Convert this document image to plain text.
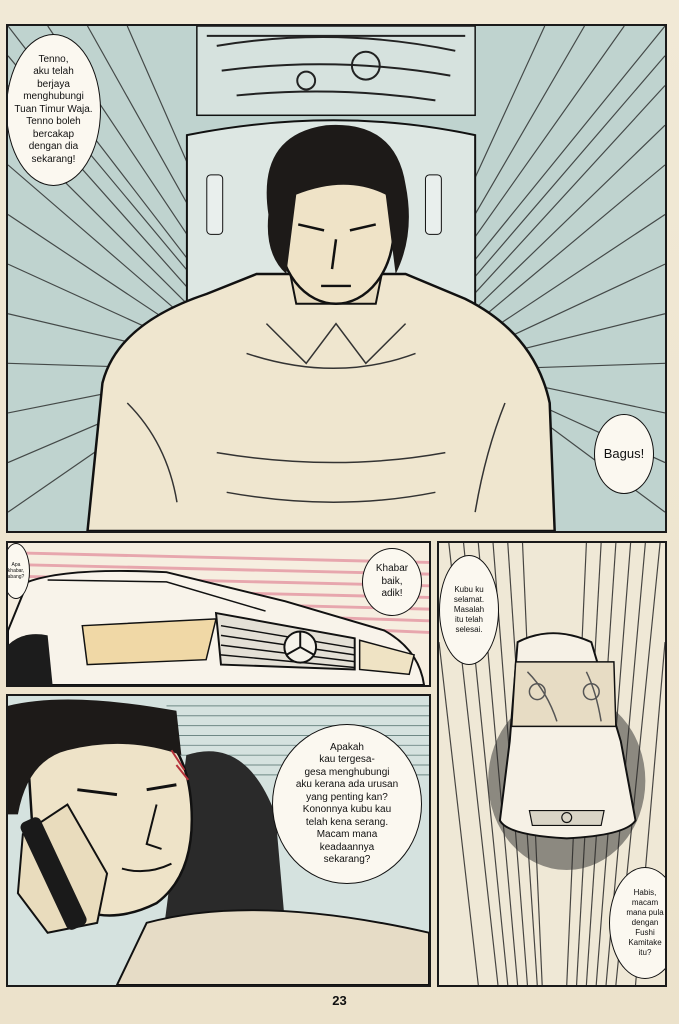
Tenno,
aku telah
berjaya
menghubungi
Tuan Timur Waja.
Tenno boleh
bercakap
dengan dia
sekarang!
Bagus!
Apa
khabar,
abang?
Khabar
baik,
adik!	Kubu ku
selamat.
Masalah
itu telah
selesai.
Habis,
macam
mana pula
dengan
Fushi
Kamitake
itu?
Apakah
kau tergesa-
gesa menghubungi
aku kerana ada urusan
yang penting kan?
Kononnya kubu kau
telah kena serang.
Macam mana
keadaannya
sekarang?
23
